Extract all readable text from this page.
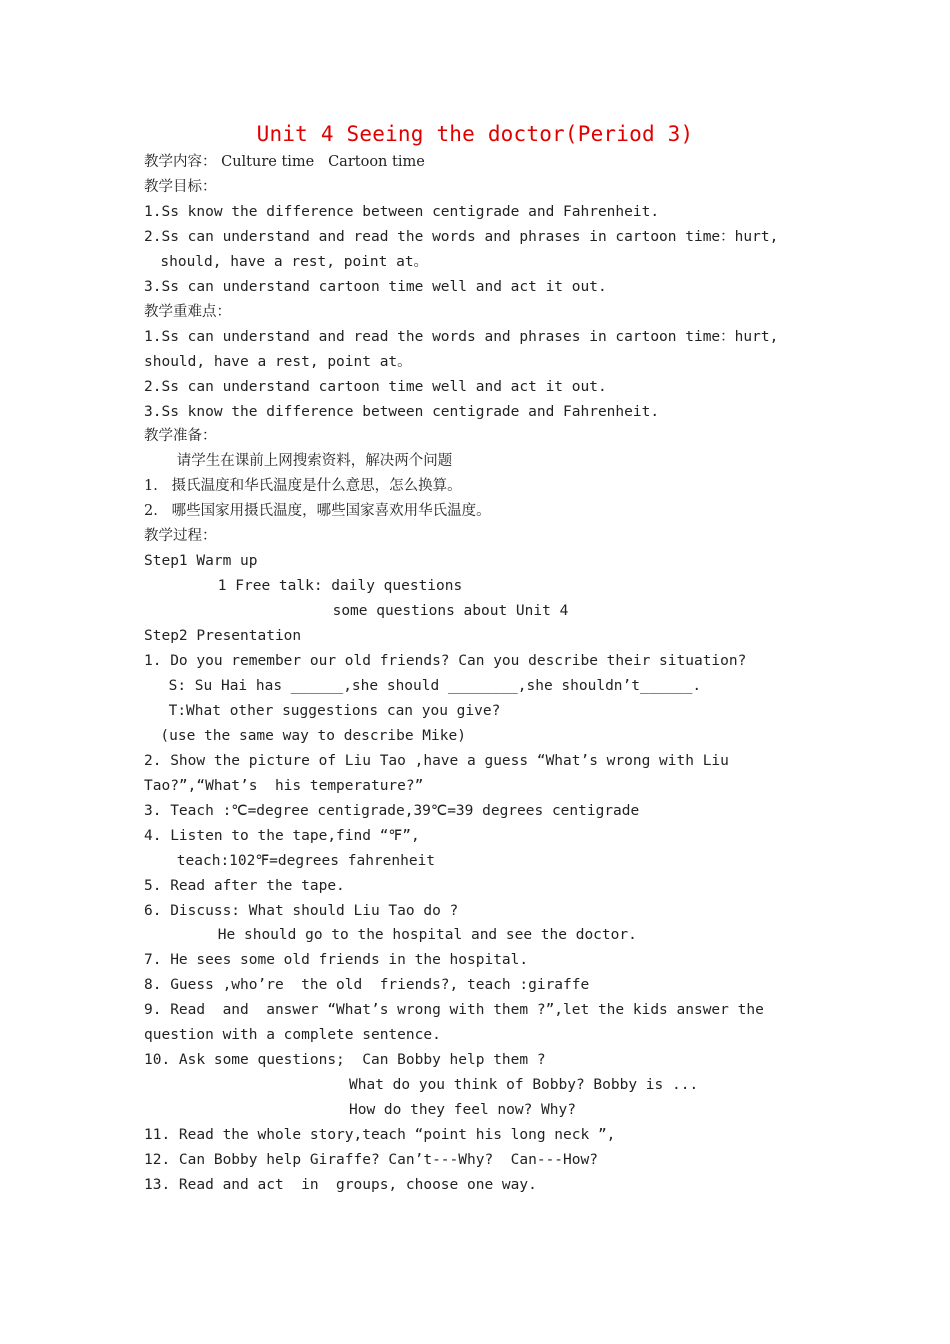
Unit 4 Seeing the doctor(Period 3)
教学内容： Culture time   Cartoon time
教学目标：
1.Ss know the difference between centigrade and Fahrenheit.
2.Ss can understand and read the words and phrases in cartoon time：hurt,
should, have a rest, point at。
3.Ss can understand cartoon time well and act it out.
教学重难点：
1.Ss can understand and read the words and phrases in cartoon time：hurt,
should, have a rest, point at。
2.Ss can understand cartoon time well and act it out.
3.Ss know the difference between centigrade and Fahrenheit.
教学准备：
请学生在课前上网搜索资料，解决两个问题
1.   摄氏温度和华氏温度是什么意思，怎么换算。
2.   哪些国家用摄氏温度，哪些国家喜欢用华氏温度。
教学过程：
Step1 Warm up
1 Free talk: daily questions
some questions about Unit 4
Step2 Presentation
1. Do you remember our old friends? Can you describe their situation?
S: Su Hai has ______,she should ________,she shouldn’t______.
T:What other suggestions can you give?
(use the same way to describe Mike)
2. Show the picture of Liu Tao ,have a guess “What’s wrong with Liu
Tao?”,“What’s  his temperature?”
3. Teach :℃=degree centigrade,39℃=39 degrees centigrade
4. Listen to the tape,find “℉”,
teach:102℉=degrees fahrenheit
5. Read after the tape.
6. Discuss: What should Liu Tao do ?
He should go to the hospital and see the doctor.
7. He sees some old friends in the hospital.
8. Guess ,who’re  the old  friends?, teach :giraffe
9. Read  and  answer “What’s wrong with them ?”,let the kids answer the
question with a complete sentence.
10. Ask some questions;  Can Bobby help them ?
What do you think of Bobby? Bobby is ...
How do they feel now? Why?
11. Read the whole story,teach “point his long neck ”,
12. Can Bobby help Giraffe? Can’t---Why?  Can---How?
13. Read and act  in  groups, choose one way.
